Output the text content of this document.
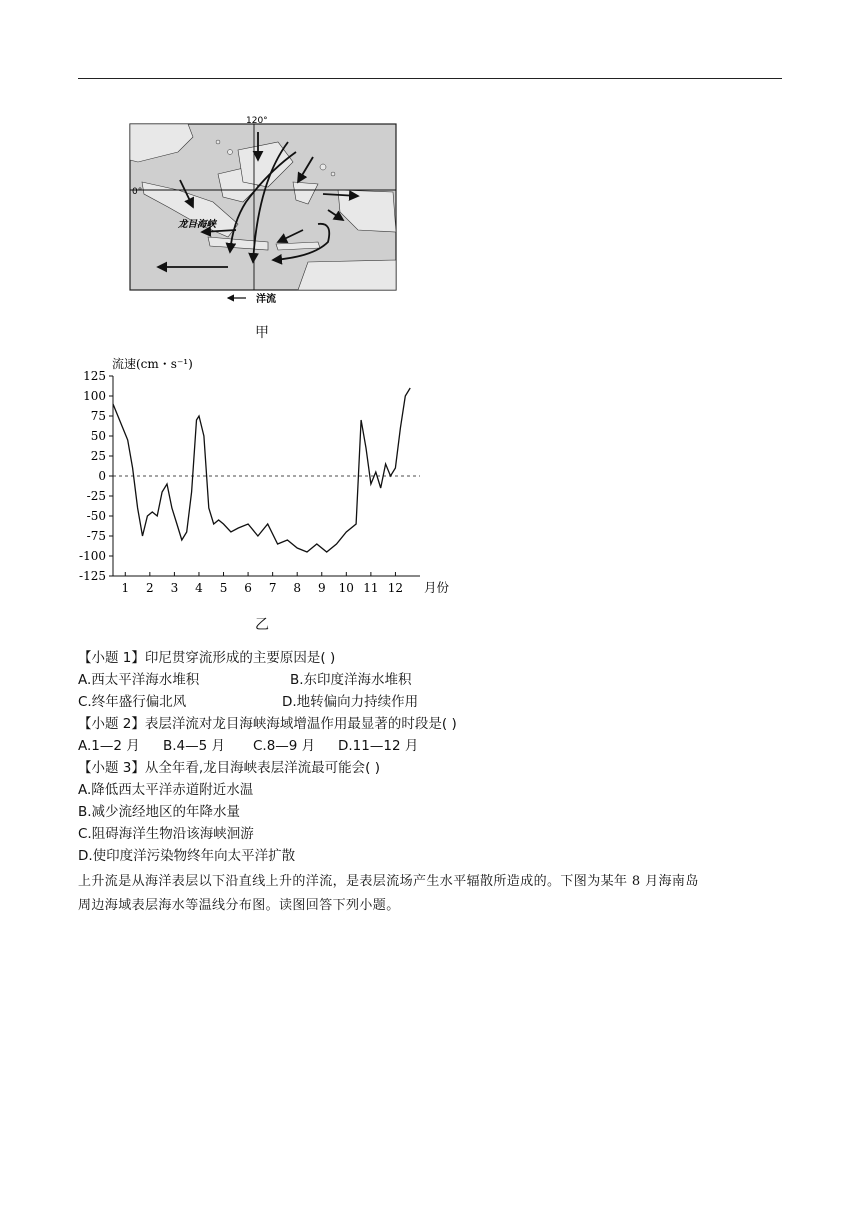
0°
120°
龙目海峡
洋流
甲
流速(cm・s⁻¹)
125
100
75
50
25
0
-25
-50
-75
-100
-125
1 2 3 4 5 6 7 8 9 10 11 12 月份
乙
【小题 1】印尼贯穿流形成的主要原因是( )
A.西太平洋海水堆积	B.东印度洋海水堆积
C.终年盛行偏北风	D.地转偏向力持续作用
【小题 2】表层洋流对龙目海峡海域增温作用最显著的时段是( )
A.1—2 月 B.4—5 月 C.8—9 月 D.11—12 月
【小题 3】从全年看,龙目海峡表层洋流最可能会( )
A.降低西太平洋赤道附近水温
B.减少流经地区的年降水量
C.阻碍海洋生物沿该海峡洄游
D.使印度洋污染物终年向太平洋扩散
上升流是从海洋表层以下沿直线上升的洋流，是表层流场产生水平辐散所造成的。下图为某年 8 月海南岛
周边海域表层海水等温线分布图。读图回答下列小题。
